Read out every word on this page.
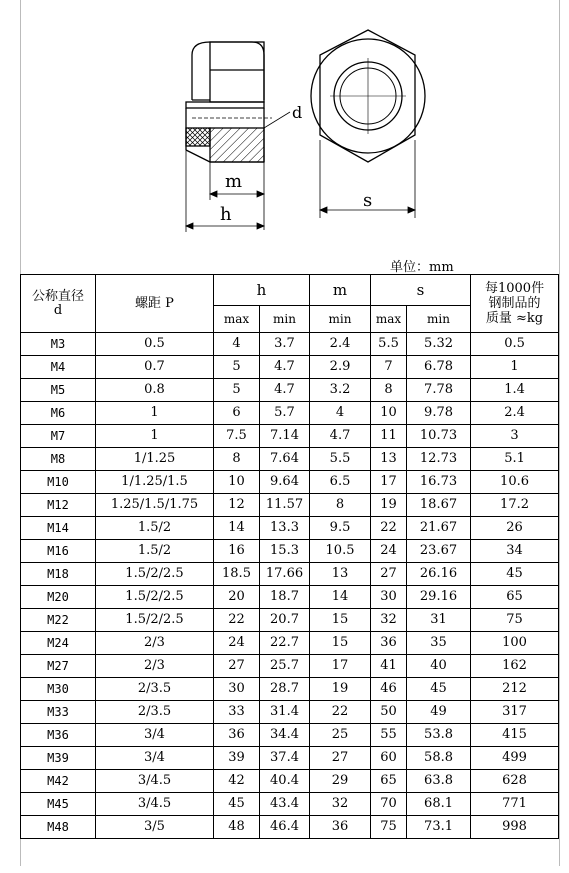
d
m
h
s
单位：mm
公称直径
d	螺距 P	h		m	s		每1000件
钢制品的
质量 ≈kg
		max	min	min	max	min	
M3	0.5	4	3.7	2.4	5.5	5.32	0.5
M4	0.7	5	4.7	2.9	7	6.78	1
M5	0.8	5	4.7	3.2	8	7.78	1.4
M6	1	6	5.7	4	10	9.78	2.4
M7	1	7.5	7.14	4.7	11	10.73	3
M8	1/1.25	8	7.64	5.5	13	12.73	5.1
M10	1/1.25/1.5	10	9.64	6.5	17	16.73	10.6
M12	1.25/1.5/1.75	12	11.57	8	19	18.67	17.2
M14	1.5/2	14	13.3	9.5	22	21.67	26
M16	1.5/2	16	15.3	10.5	24	23.67	34
M18	1.5/2/2.5	18.5	17.66	13	27	26.16	45
M20	1.5/2/2.5	20	18.7	14	30	29.16	65
M22	1.5/2/2.5	22	20.7	15	32	31	75
M24	2/3	24	22.7	15	36	35	100
M27	2/3	27	25.7	17	41	40	162
M30	2/3.5	30	28.7	19	46	45	212
M33	2/3.5	33	31.4	22	50	49	317
M36	3/4	36	34.4	25	55	53.8	415
M39	3/4	39	37.4	27	60	58.8	499
M42	3/4.5	42	40.4	29	65	63.8	628
M45	3/4.5	45	43.4	32	70	68.1	771
M48	3/5	48	46.4	36	75	73.1	998
